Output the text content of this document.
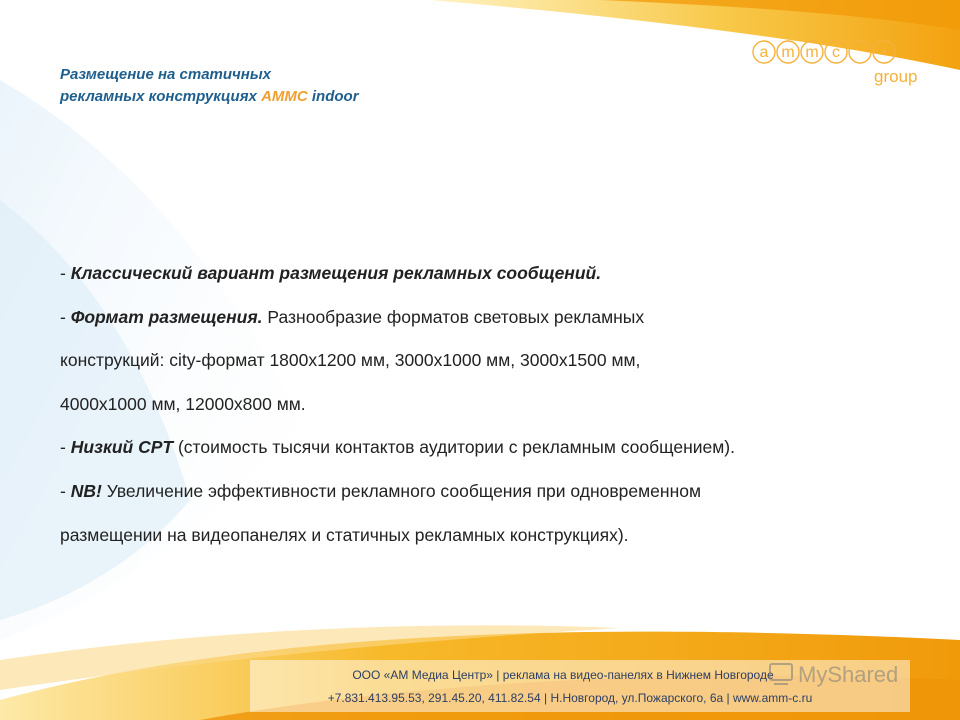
Размещение на статичных
рекламных конструкциях AMMC indoor
a m m c	•
group

- Классический вариант размещения рекламных сообщений.

- Формат размещения. Разнообразие форматов световых рекламных

конструкций: city-формат 1800х1200 мм, 3000х1000 мм, 3000х1500 мм,

4000х1000 мм, 12000х800 мм.

- Низкий CPT (стоимость тысячи контактов аудитории с рекламным сообщением).

- NB! Увеличение эффективности рекламного сообщения при одновременном

размещении на видеопанелях и статичных рекламных конструкциях).

ООО «АМ Медиа Центр» | реклама на видео-панелях в Нижнем Новгороде
+7.831.413.95.53, 291.45.20, 411.82.54 | Н.Новгород, ул.Пожарского, 6а | www.amm-c.ru
MyShared
